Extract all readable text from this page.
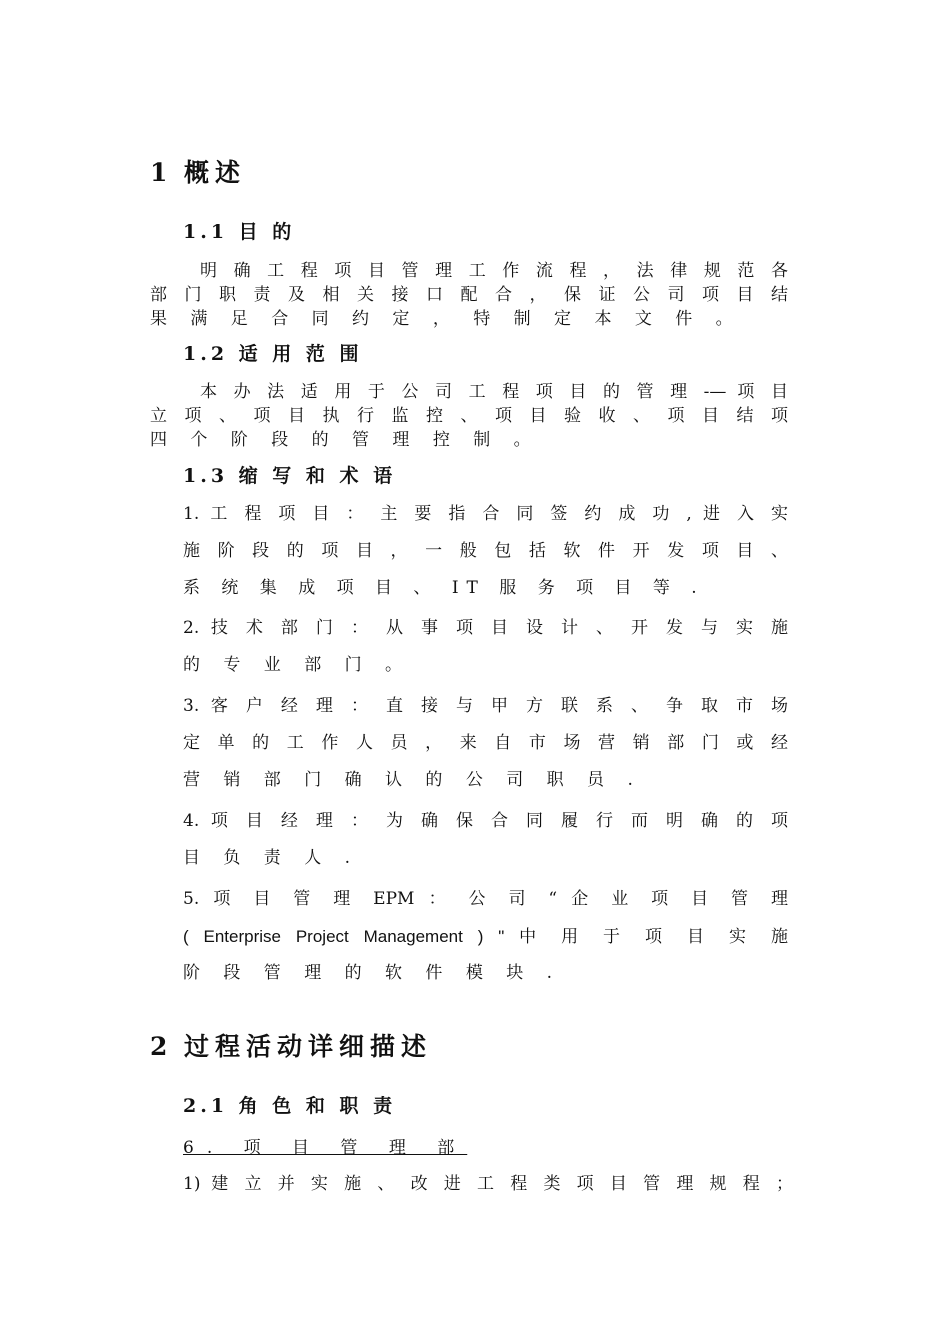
1 概述
1.1 目 的
明 确 工 程 项 目 管 理 工 作 流 程 ， 法 律 规 范 各
部 门 职 责 及 相 关 接 口 配 合 ， 保 证 公 司 项 目 结
果 满 足 合 同 约 定 ， 特 制 定 本 文 件 。
1.2 适 用 范 围
本 办 法 适 用 于 公 司 工 程 项 目 的 管 理 -— 项 目
立 项 、 项 目 执 行 监 控 、 项 目 验 收 、 项 目 结 项
四 个 阶 段 的 管 理 控 制 。
1.3 缩 写 和 术 语
1. 工 程 项 目 ： 主 要 指 合 同 签 约 成 功 , 进 入 实
施 阶 段 的 项 目 ， 一 般 包 括 软 件 开 发 项 目 、
系 统 集 成 项 目 、 IT 服 务 项 目 等 .
2. 技 术 部 门 ： 从 事 项 目 设 计 、 开 发 与 实 施
的 专 业 部 门 。
3. 客 户 经 理 ： 直 接 与 甲 方 联 系 、 争 取 市 场
定 单 的 工 作 人 员 ， 来 自 市 场 营 销 部 门 或 经
营 销 部 门 确 认 的 公 司 职 员 .
4. 项 目 经 理 ： 为 确 保 合 同 履 行 而 明 确 的 项
目 负 责 人 .
5. 项 目 管 理 EPM ： 公 司 “ 企 业 项 目 管 理
( Enterprise Project Management ) " 中 用 于 项 目 实 施
阶 段 管 理 的 软 件 模 块 .
2 过程活动详细描述
2.1 角 色 和 职 责
6. 项 目 管 理 部
1) 建 立 并 实 施 、 改 进 工 程 类 项 目 管 理 规 程 ；
